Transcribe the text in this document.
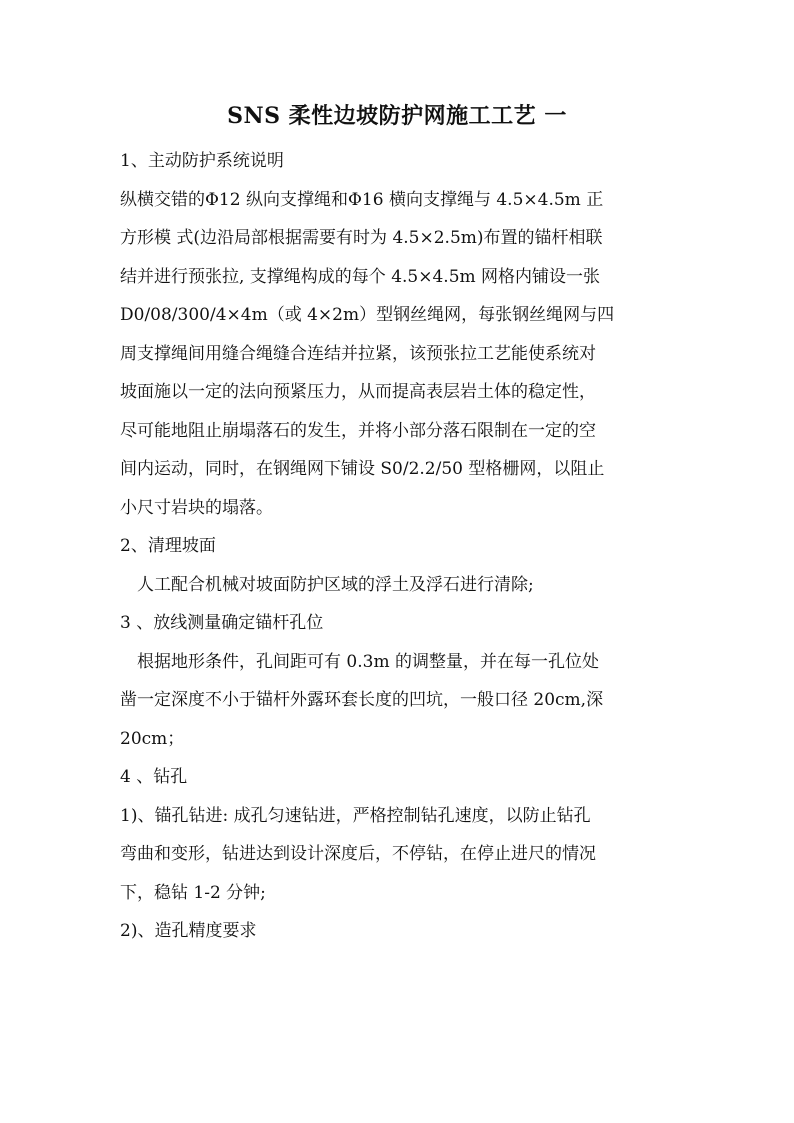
SNS 柔性边坡防护网施工工艺 一
1、主动防护系统说明
纵横交错的Φ12 纵向支撑绳和Φ16 横向支撑绳与 4.5×4.5m 正
方形模 式(边沿局部根据需要有时为 4.5×2.5m)布置的锚杆相联
结并进行预张拉, 支撑绳构成的每个 4.5×4.5m 网格内铺设一张
D0/08/300/4×4m（或 4×2m）型钢丝绳网，每张钢丝绳网与四
周支撑绳间用缝合绳缝合连结并拉紧，该预张拉工艺能使系统对
坡面施以一定的法向预紧压力，从而提高表层岩土体的稳定性，
尽可能地阻止崩塌落石的发生，并将小部分落石限制在一定的空
间内运动，同时，在钢绳网下铺设 S0/2.2/50 型格栅网，以阻止
小尺寸岩块的塌落。
2、清理坡面
人工配合机械对坡面防护区域的浮土及浮石进行清除;
3 、放线测量确定锚杆孔位
根据地形条件，孔间距可有 0.3m 的调整量，并在每一孔位处
凿一定深度不小于锚杆外露环套长度的凹坑，一般口径 20cm,深
20cm；
4 、钻孔
1)、锚孔钻进: 成孔匀速钻进，严格控制钻孔速度，以防止钻孔
弯曲和变形，钻进达到设计深度后，不停钻，在停止进尺的情况
下，稳钻 1-2 分钟;
2)、造孔精度要求
